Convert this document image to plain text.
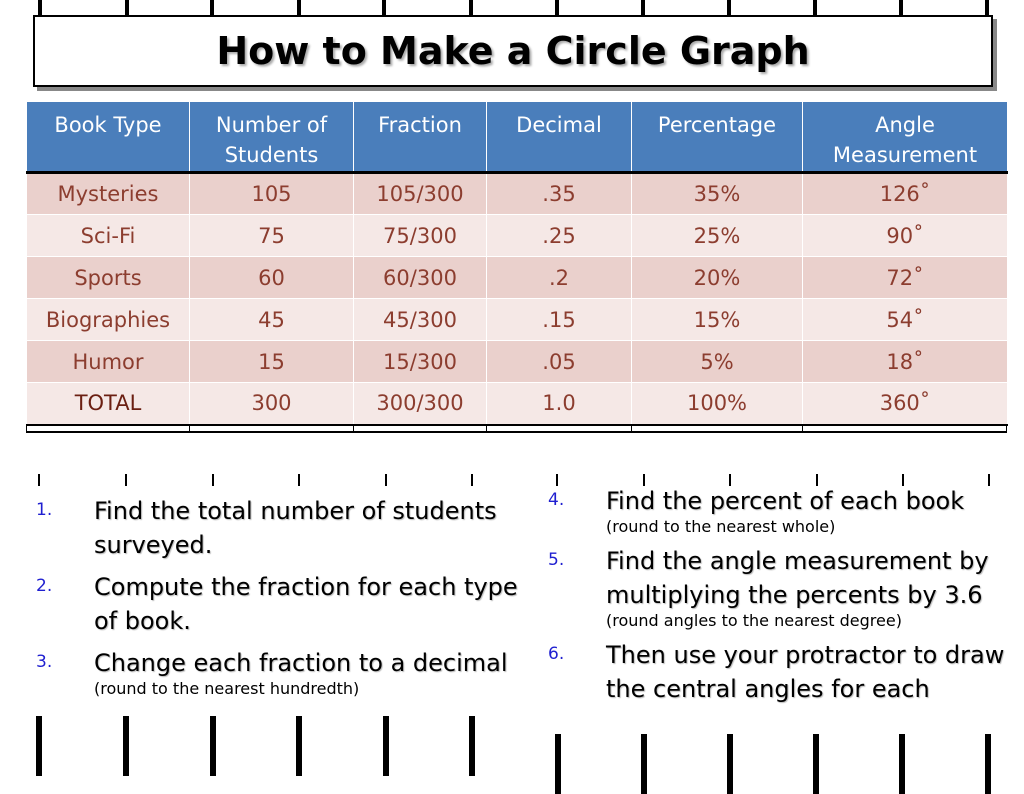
How to Make a Circle Graph
Book Type	Number of Students	Fraction	Decimal	Percentage	Angle Measurement
Mysteries	105	105/300	.35	35%	126˚
Sci-Fi	75	75/300	.25	25%	90˚
Sports	60	60/300	.2	20%	72˚
Biographies	45	45/300	.15	15%	54˚
Humor	15	15/300	.05	5%	18˚
TOTAL	300	300/300	1.0	100%	360˚
1.	Find the total number of students surveyed.
2.	Compute the fraction for each type of book.
3.	Change each fraction to a decimal
(round to the nearest hundredth)
4.	Find the percent of each book
(round to the nearest whole)
5.	Find the angle measurement by multiplying the percents by 3.6
(round angles to the nearest degree)
6.	Then use your protractor to draw the central angles for each
